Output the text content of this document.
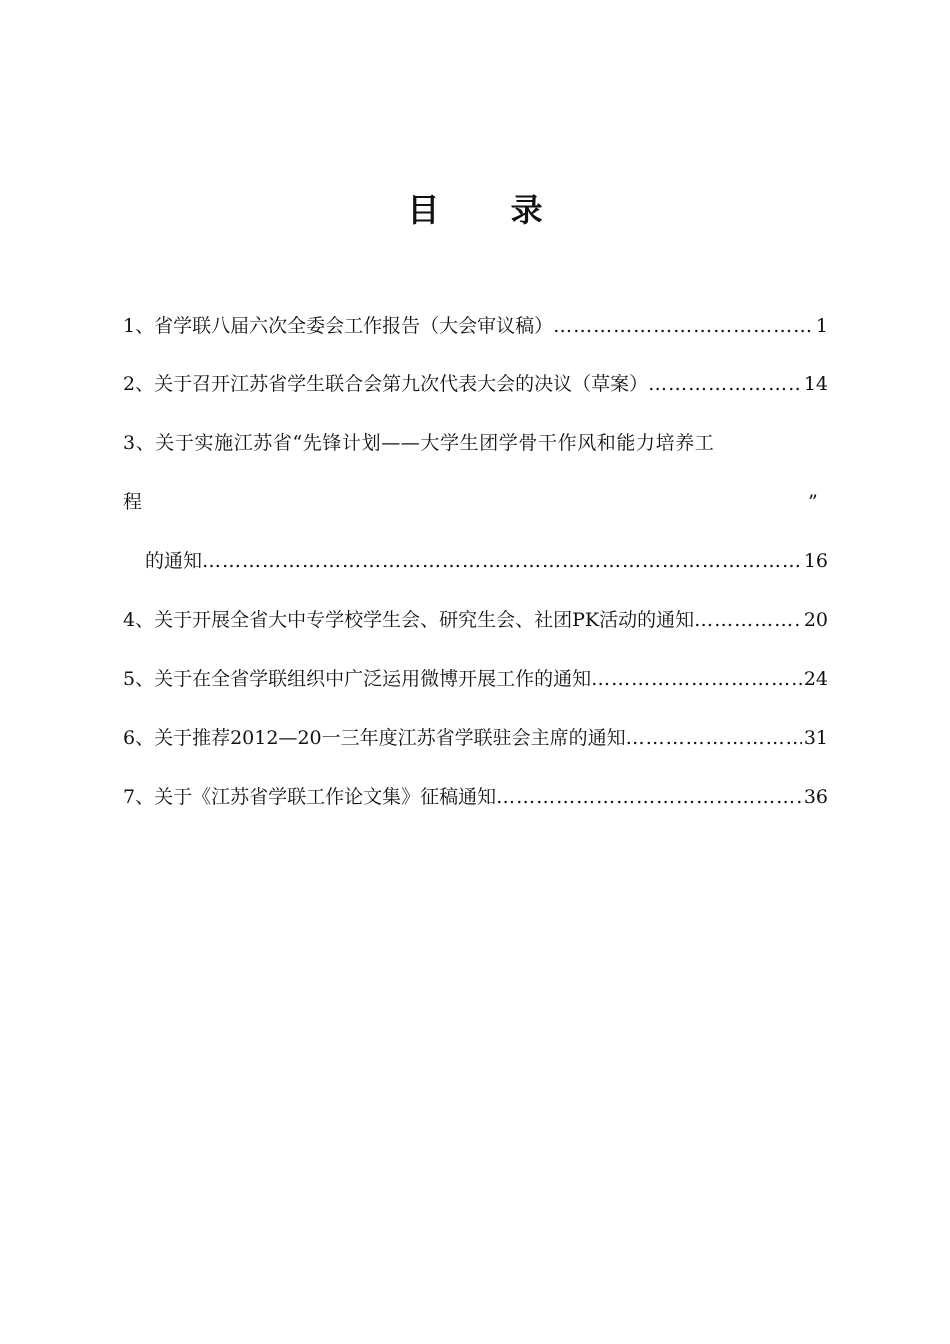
目 录
1、省学联八届六次全委会工作报告（大会审议稿） ……………………………………………………………………………………………………………………………………………………	1
2、关于召开江苏省学生联合会第九次代表大会的决议（草案） ……………………………………………………………………………………………………………………………………………………	14
3、关于实施江苏省“先锋计划——大学生团学骨干作风和能力培养工
程	”
的通知 ……………………………………………………………………………………………………………………………………………………	16
4、关于开展全省大中专学校学生会、研究生会、社团PK活动的通知 ……………………………………………………………………………………………………………………………………………………	20
5、关于在全省学联组织中广泛运用微博开展工作的通知 ……………………………………………………………………………………………………………………………………………………	24
6、关于推荐2012—20一三年度江苏省学联驻会主席的通知 ……………………………………………………………………………………………………………………………………………………	31
7、关于《江苏省学联工作论文集》征稿通知 ……………………………………………………………………………………………………………………………………………………	36
